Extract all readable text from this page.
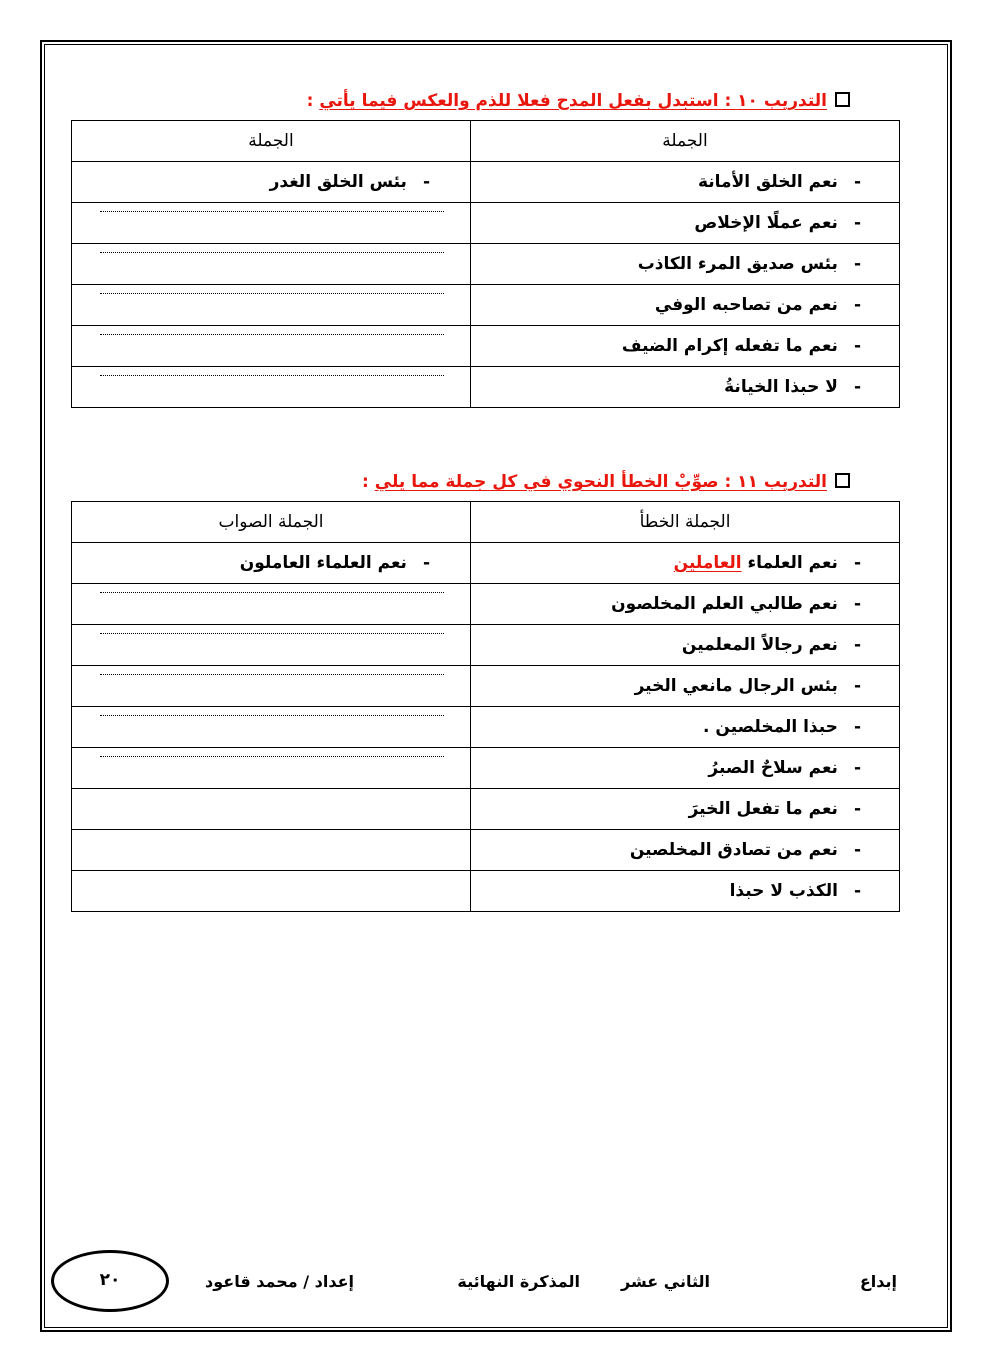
التدريب ١٠ : استبدل بفعل المدح فعلا للذم والعكس فيما يأتي :
الجملة	الجملة
-نعم الخلق الأمانة	-بئس الخلق الغدر
-نعم عملًا الإخلاص	

-بئس صديق المرء الكاذب	

-نعم من تصاحبه الوفي	

-نعم ما تفعله إكرام الضيف	

-لا حبذا الخيانةُ	
التدريب ١١ : صوِّبْ الخطأ النحوي في كل جملة مما يلي :
الجملة الخطأ	الجملة الصواب
-نعم العلماء العاملين	-نعم العلماء العاملون
-نعم طالبي العلم المخلصون	

-نعم رجالاً المعلمين	

-بئس الرجال مانعي الخير	

-حبذا المخلصين .	

-نعم سلاحٌ الصبرُ	

-نعم ما تفعل الخيرَ	
-نعم من تصادق المخلصين	
-الكذب لا حبذا	
إبداع
الثاني عشر
المذكرة النهائية
إعداد / محمد قاعود
٢٠
